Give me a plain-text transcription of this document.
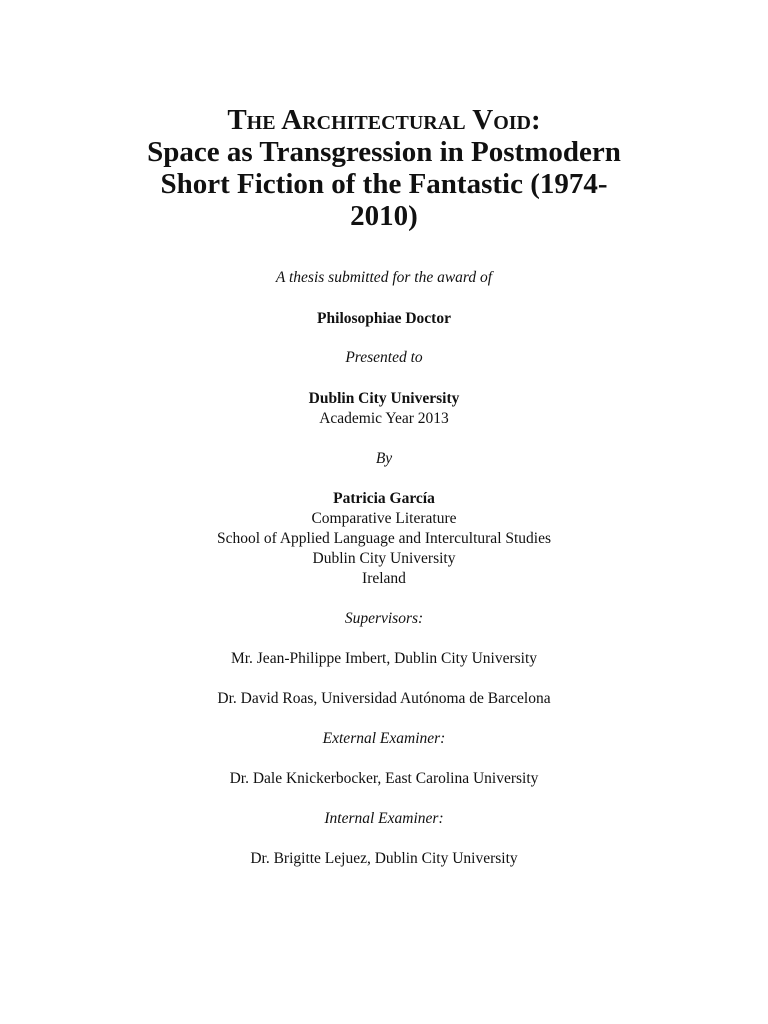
The Architectural Void:
Space as Transgression in Postmodern
Short Fiction of the Fantastic (1974-
2010)
A thesis submitted for the award of
Philosophiae Doctor
Presented to
Dublin City University
Academic Year 2013
By
Patricia García
Comparative Literature
School of Applied Language and Intercultural Studies
Dublin City University
Ireland
Supervisors:
Mr. Jean-Philippe Imbert, Dublin City University
Dr. David Roas, Universidad Autónoma de Barcelona
External Examiner:
Dr. Dale Knickerbocker, East Carolina University
Internal Examiner:
Dr. Brigitte Lejuez, Dublin City University
